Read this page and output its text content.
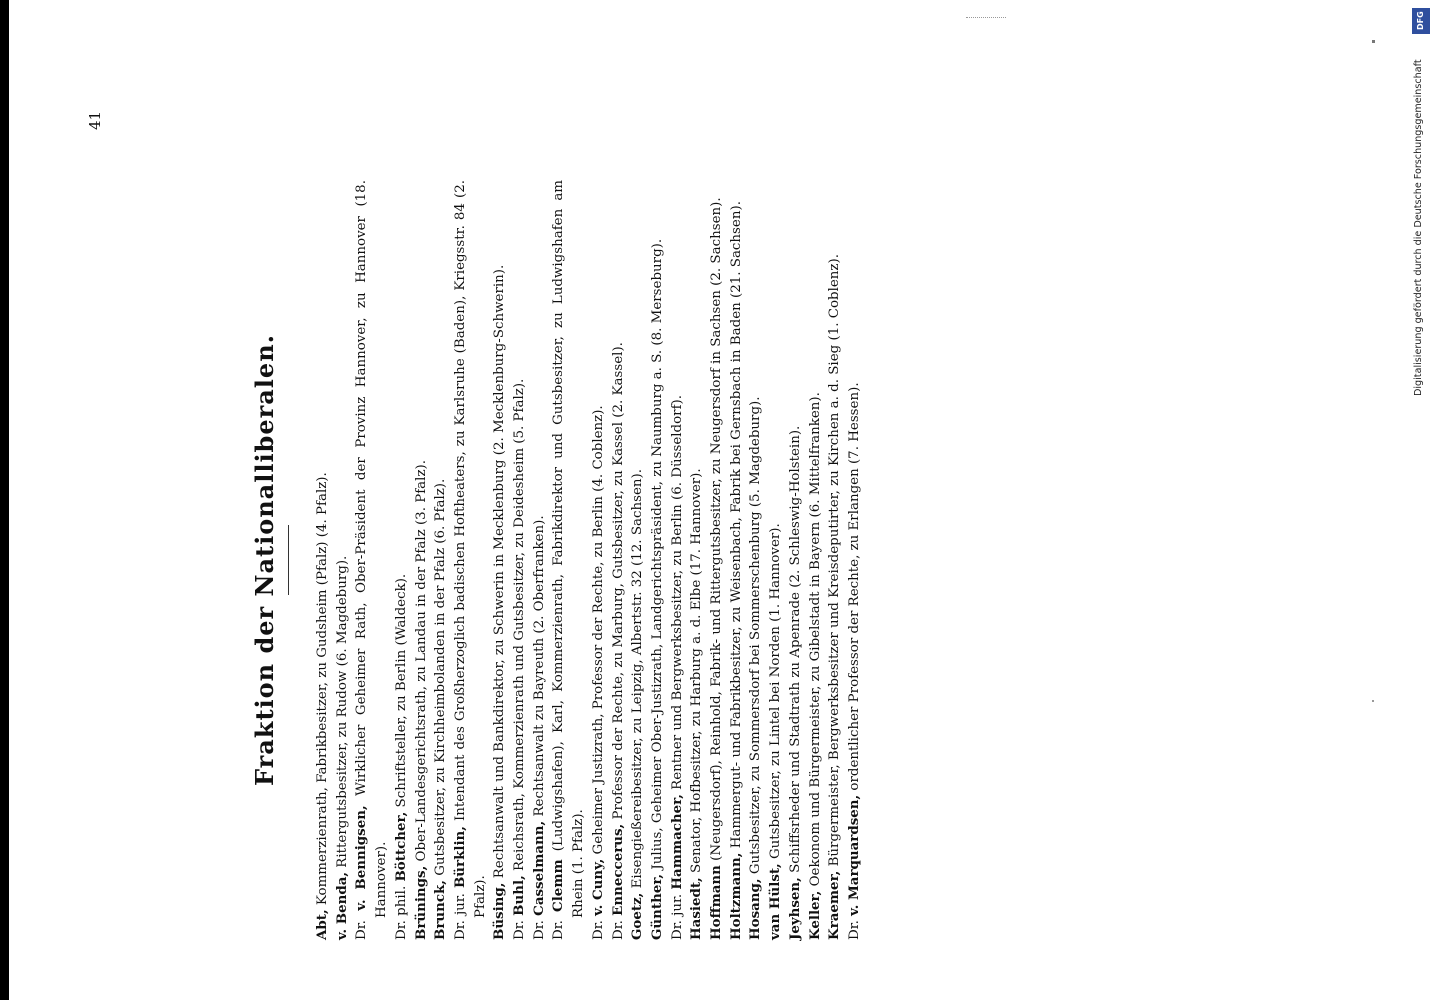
41
Fraktion der Nationalliberalen.

Abt, Kommerzienrath, Fabrikbesitzer, zu Gudsheim (Pfalz) (4. Pfalz).

v. Benda, Rittergutsbesitzer, zu Rudow (6. Magdeburg).

Dr. v. Bennigsen, Wirklicher Geheimer Rath, Ober-Präsident der Provinz Hannover, zu Hannover (18. Hannover). Dr. phil. Böttcher, Schriftsteller, zu Berlin (Waldeck).

Brünings, Ober-Landesgerichtsrath, zu Landau in der Pfalz (3. Pfalz).

Brunck, Gutsbesitzer, zu Kirchheimbolanden in der Pfalz (6. Pfalz).

Dr. jur. Bürklin, Intendant des Großherzoglich badischen Hoftheaters, zu Karlsruhe (Baden), Kriegsstr. 84 (2. Pfalz). Büsing, Rechtsanwalt und Bankdirektor, zu Schwerin in Mecklenburg (2. Mecklenburg-Schwerin).

Dr. Buhl, Reichsrath, Kommerzienrath und Gutsbesitzer, zu Deidesheim (5. Pfalz).

Dr. Casselmann, Rechtsanwalt zu Bayreuth (2. Oberfranken).

Dr. Clemm (Ludwigshafen), Karl, Kommerzienrath, Fabrikdirektor und Gutsbesitzer, zu Ludwigshafen am Rhein (1. Pfalz).

Dr. v. Cuny, Geheimer Justizrath, Professor der Rechte, zu Berlin (4. Coblenz).

Dr. Enneccerus, Professor der Rechte, zu Marburg, Gutsbesitzer, zu Kassel (2. Kassel).

Goetz, Eisengießereibesitzer, zu Leipzig, Albertstr. 32 (12. Sachsen).

Günther, Julius, Geheimer Ober-Justizrath, Landgerichtspräsident, zu Naumburg a. S. (8. Merseburg).

Dr. jur. Hammacher, Rentner und Bergwerksbesitzer, zu Berlin (6. Düsseldorf).

Hasiedt, Senator, Hofbesitzer, zu Harburg a. d. Elbe (17. Hannover).

Hoffmann (Neugersdorf), Reinhold, Fabrik- und Rittergutsbesitzer, zu Neugersdorf in Sachsen (2. Sachsen).

Holtzmann, Hammergut- und Fabrikbesitzer, zu Weisenbach, Fabrik bei Gernsbach in Baden (21. Sachsen).

Hosang, Gutsbesitzer, zu Sommersdorf bei Sommerschenburg (5. Magdeburg).

van Hülst, Gutsbesitzer, zu Lintel bei Norden (1. Hannover).

Jeyhsen, Schiffsrheder und Stadtrath zu Apenrade (2. Schleswig-Holstein).

Keller, Oekonom und Bürgermeister, zu Gibelstadt in Bayern (6. Mittelfranken).

Kraemer, Bürgermeister, Bergwerksbesitzer und Kreisdeputirter, zu Kirchen a. d. Sieg (1. Coblenz).

Dr. v. Marquardsen, ordentlicher Professor der Rechte, zu Erlangen (7. Hessen).

DFG
Digitalisierung gefördert durch die Deutsche Forschungsgemeinschaft
